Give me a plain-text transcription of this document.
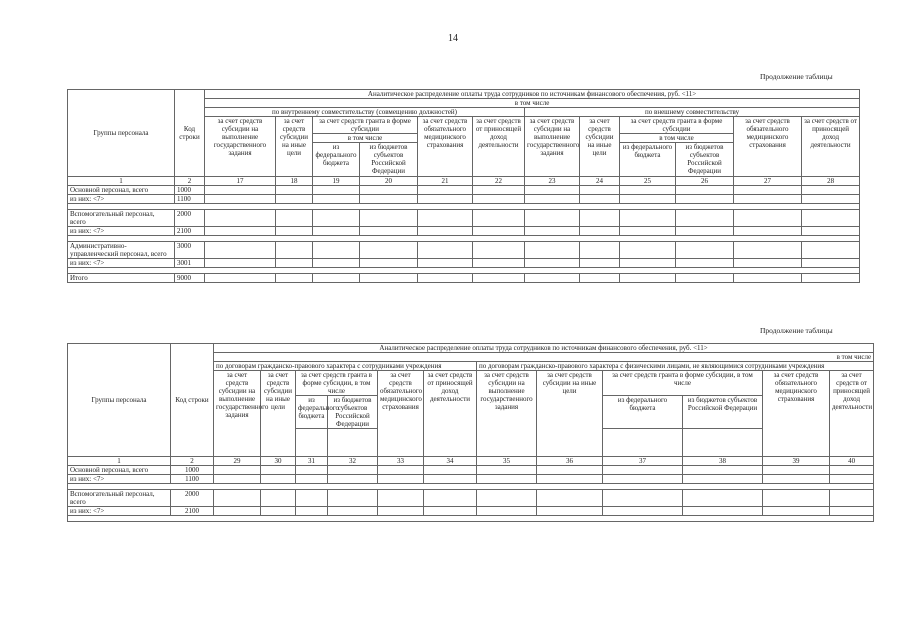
14
Продолжение таблицы
Группы персонала	Код строки	Аналитическое распределение оплаты труда сотрудников по источникам финансового обеспечения, руб. <11>											
		в том числе											
		по внутреннему совместительству (совмещению должностей)						по внешнему совместительству					
		за счет средств субсидии на выполнение государственного задания	за счет средств субсидии на иные цели	за счет средств гранта в форме субсидии		за счет средств обязательного медицинского страхования	за счет средств от приносящей доход деятельности	за счет средств субсидии на выполнение государственного задания	за счет средств субсидии на иные цели	за счет средств гранта в форме субсидии		за счет средств обязательного медицинского страхования	за счет средств от приносящей доход деятельности
				в том числе						в том числе			
				из федерального бюджета	из бюджетов субъектов Российской Федерации					из федерального бюджета	из бюджетов субъектов Российской Федерации		
1	2	17	18	19	20	21	22	23	24	25	26	27	28
Основной персонал, всего	1000												
из них: <7>	1100												

Вспомогательный персонал, всего	2000												
из них: <7>	2100												

Административно-управленческий персонал, всего	3000												
из них: <7>	3001												

Итого	9000												
Продолжение таблицы
Группы персонала	Код строки	Аналитическое распределение оплаты труда сотрудников по источникам финансового обеспечения, руб. <11>											
		в том числе											
		по договорам гражданско-правового характера с сотрудниками учреждения						по договорам гражданско-правового характера с физическими лицами, не являющимися сотрудниками учреждения					
		за счет средств субсидии на выполнение государственного задания	за счет средств субсидии на иные цели	за счет средств гранта в форме субсидии, в том числе		за счет средств обязательного медицинского страхования	за счет средств от приносящей доход деятельности	за счет средств субсидии на выполнение государственного задания	за счет средств субсидии на иные цели	за счет средств гранта в форме субсидии, в том числе		за счет средств обязательного медицинского страхования	за счет средств от приносящей доход деятельности
				из федерального бюджета	из бюджетов субъектов Российской Федерации					из федерального бюджета	из бюджетов субъектов Российской Федерации		

1	2	29	30	31	32	33	34	35	36	37	38	39	40
Основной персонал, всего	1000												
из них: <7>	1100												

Вспомогательный персонал, всего	2000												
из них: <7>	2100												
